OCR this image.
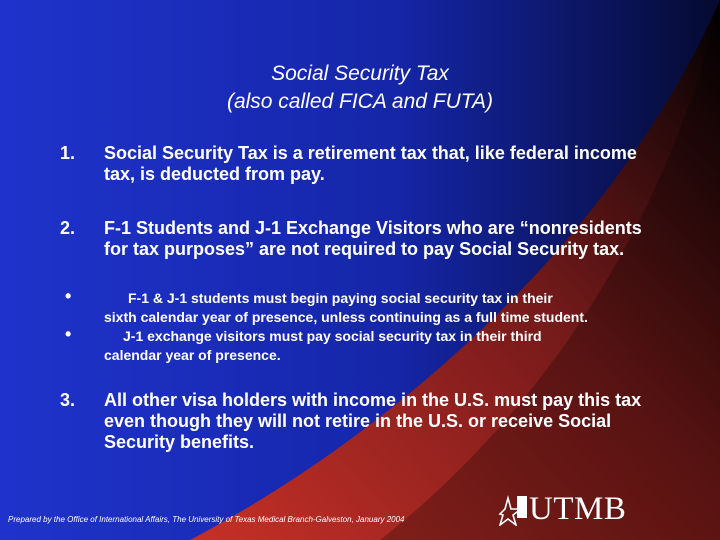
Social Security Tax
(also called FICA and FUTA)
1.	Social Security Tax is a retirement tax that, like federal income tax, is deducted from pay.
2.	F-1 Students and J-1 Exchange Visitors who are “nonresidents for tax purposes” are not required to pay Social Security tax.
•
•
F-1 & J-1 students must begin paying social security tax in their
sixth calendar year of presence, unless continuing as a full time student.
J-1 exchange visitors must pay social security tax in their third
calendar year of presence.
3.	All other visa holders with income in the U.S. must pay this tax even though they will not retire in the U.S. or receive Social Security benefits.
Prepared by the Office of International Affairs, The University of Texas Medical Branch-Galveston, January 2004	UTMB
